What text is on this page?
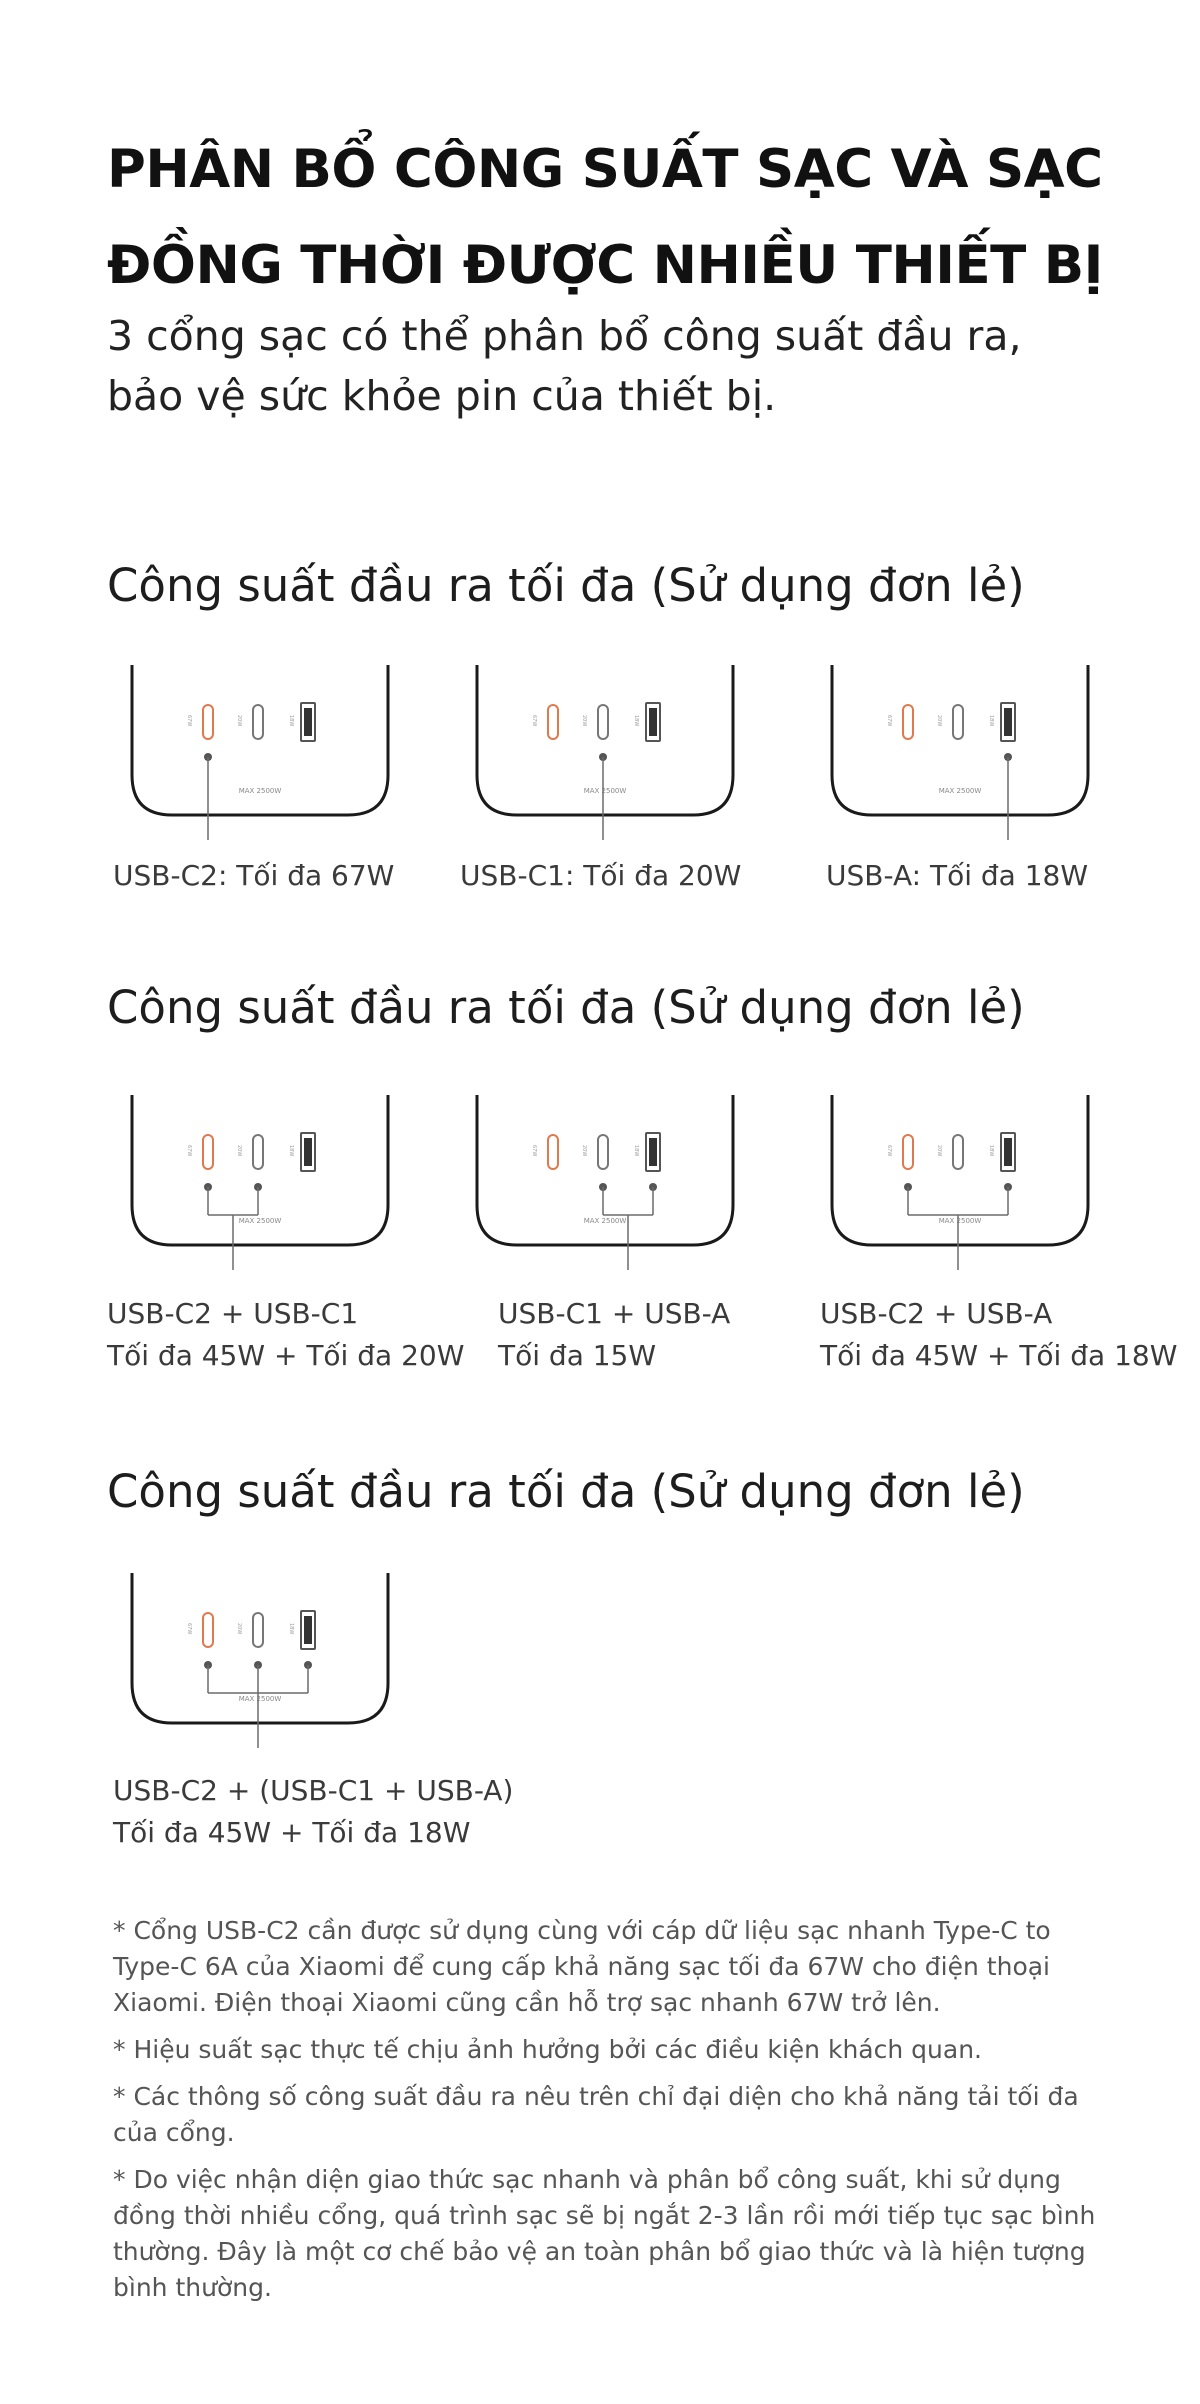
PHÂN BỔ CÔNG SUẤT SẠC VÀ SẠC
ĐỒNG THỜI ĐƯỢC NHIỀU THIẾT BỊ
3 cổng sạc có thể phân bổ công suất đầu ra,
bảo vệ sức khỏe pin của thiết bị.
Công suất đầu ra tối đa (Sử dụng đơn lẻ)
67W	20W	18W
MAX 2500W
67W	20W	18W
MAX 2500W
67W	20W	18W
MAX 2500W
USB-C2: Tối đa 67W USB-C1: Tối đa 20W	USB-A: Tối đa 18W
Công suất đầu ra tối đa (Sử dụng đơn lẻ)
67W	20W	18W
MAX 2500W
67W	20W	18W
MAX 2500W
67W	20W	18W
MAX 2500W
USB-C2 + USB-C1
Tối đa 45W + Tối đa 20W
USB-C1 + USB-A
Tối đa 15W
USB-C2 + USB-A
Tối đa 45W + Tối đa 18W
Công suất đầu ra tối đa (Sử dụng đơn lẻ)
67W	20W	18W
MAX 2500W
USB-C2 + (USB-C1 + USB-A)
Tối đa 45W + Tối đa 18W

* Cổng USB-C2 cần được sử dụng cùng với cáp dữ liệu sạc nhanh Type-C to Type-C 6A của Xiaomi để cung cấp khả năng sạc tối đa 67W cho điện thoại Xiaomi. Điện thoại Xiaomi cũng cần hỗ trợ sạc nhanh 67W trở lên.

* Hiệu suất sạc thực tế chịu ảnh hưởng bởi các điều kiện khách quan.

* Các thông số công suất đầu ra nêu trên chỉ đại diện cho khả năng tải tối đa của cổng.

* Do việc nhận diện giao thức sạc nhanh và phân bổ công suất, khi sử dụng đồng thời nhiều cổng, quá trình sạc sẽ bị ngắt 2-3 lần rồi mới tiếp tục sạc bình thường. Đây là một cơ chế bảo vệ an toàn phân bổ giao thức và là hiện tượng bình thường.
